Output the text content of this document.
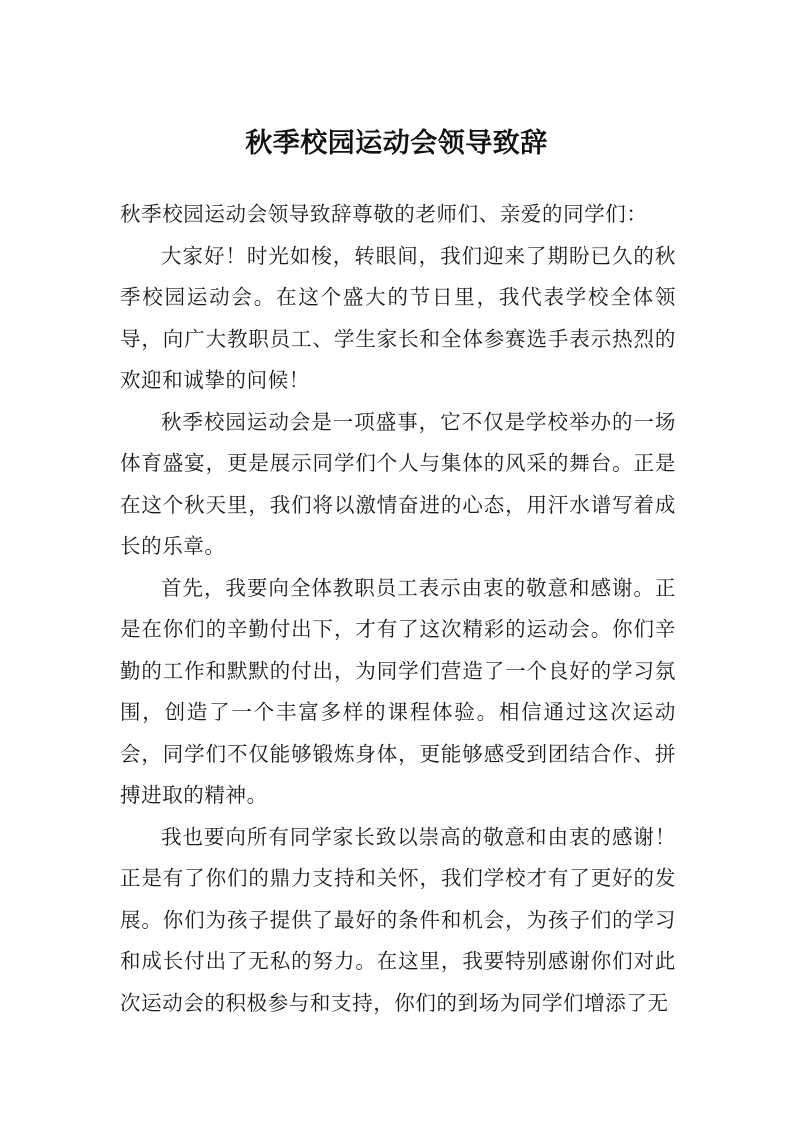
秋季校园运动会领导致辞

秋季校园运动会领导致辞尊敬的老师们、亲爱的同学们：

大家好！时光如梭，转眼间，我们迎来了期盼已久的秋季校园运动会。在这个盛大的节日里，我代表学校全体领导，向广大教职员工、学生家长和全体参赛选手表示热烈的欢迎和诚挚的问候！

秋季校园运动会是一项盛事，它不仅是学校举办的一场体育盛宴，更是展示同学们个人与集体的风采的舞台。正是在这个秋天里，我们将以激情奋进的心态，用汗水谱写着成长的乐章。

首先，我要向全体教职员工表示由衷的敬意和感谢。正是在你们的辛勤付出下，才有了这次精彩的运动会。你们辛勤的工作和默默的付出，为同学们营造了一个良好的学习氛围，创造了一个丰富多样的课程体验。相信通过这次运动会，同学们不仅能够锻炼身体，更能够感受到团结合作、拼搏进取的精神。

我也要向所有同学家长致以崇高的敬意和由衷的感谢！正是有了你们的鼎力支持和关怀，我们学校才有了更好的发展。你们为孩子提供了最好的条件和机会，为孩子们的学习和成长付出了无私的努力。在这里，我要特别感谢你们对此次运动会的积极参与和支持，你们的到场为同学们增添了无
